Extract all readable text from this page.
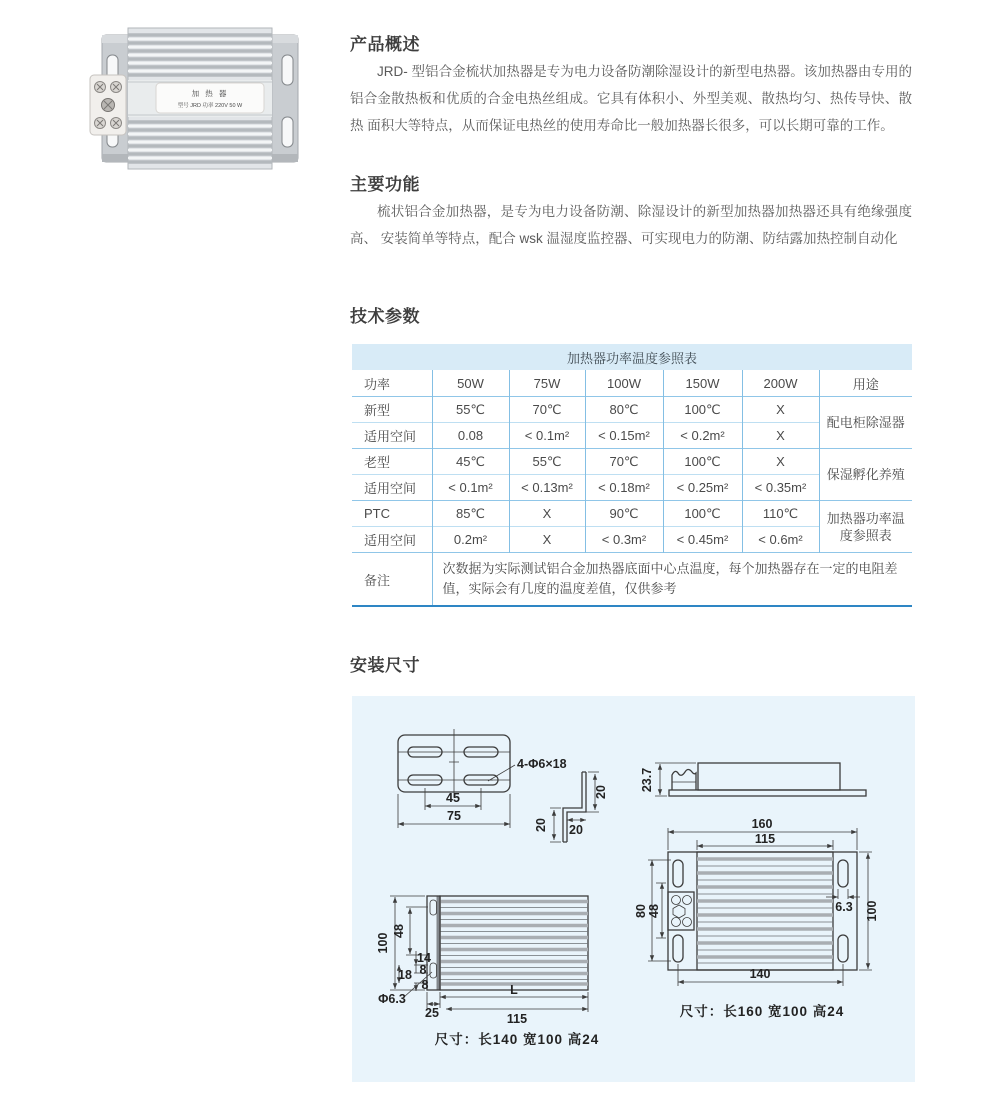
加 热 器
型号 JRD 功率 220V 50 W
产品概述

JRD- 型铝合金梳状加热器是专为电力设备防潮除湿设计的新型电热器。该加热器由专用的 铝合金散热板和优质的合金电热丝组成。它具有体积小、外型美观、散热均匀、热传导快、散热 面积大等特点，从而保证电热丝的使用寿命比一般加热器长很多，可以长期可靠的工作。

主要功能

梳状铝合金加热器，是专为电力设备防潮、除湿设计的新型加热器加热器还具有绝缘强度高、 安装简单等特点，配合 wsk 温湿度监控器、可实现电力的防潮、防结露加热控制自动化

技术参数
加热器功率温度参照表						
功率	50W	75W	100W	150W	200W	用途
新型	55℃	70℃	80℃	100℃	X	配电柜除湿器
适用空间	0.08	< 0.1m²	< 0.15m²	< 0.2m²	X	
老型	45℃	55℃	70℃	100℃	X	保湿孵化养殖
适用空间	< 0.1m²	< 0.13m²	< 0.18m²	< 0.25m²	< 0.35m²	
PTC	85℃	X	90℃	100℃	110℃	加热器功率温度参照表
适用空间	0.2m²	X	< 0.3m²	< 0.45m²	< 0.6m²	
备注	次数据为实际测试铝合金加热器底面中心点温度，每个加热器存在一定的电阻差值，实际会有几度的温度差值，仅供参考					
安装尺寸
4-Φ6×18
45
75
20
20
20
23.7
100
48
14
8
18
8
Φ6.3
25
L
115
尺寸：长140 宽100 高24
160
115
80 48	6.3 100
140
尺寸：长160 宽100 高24
